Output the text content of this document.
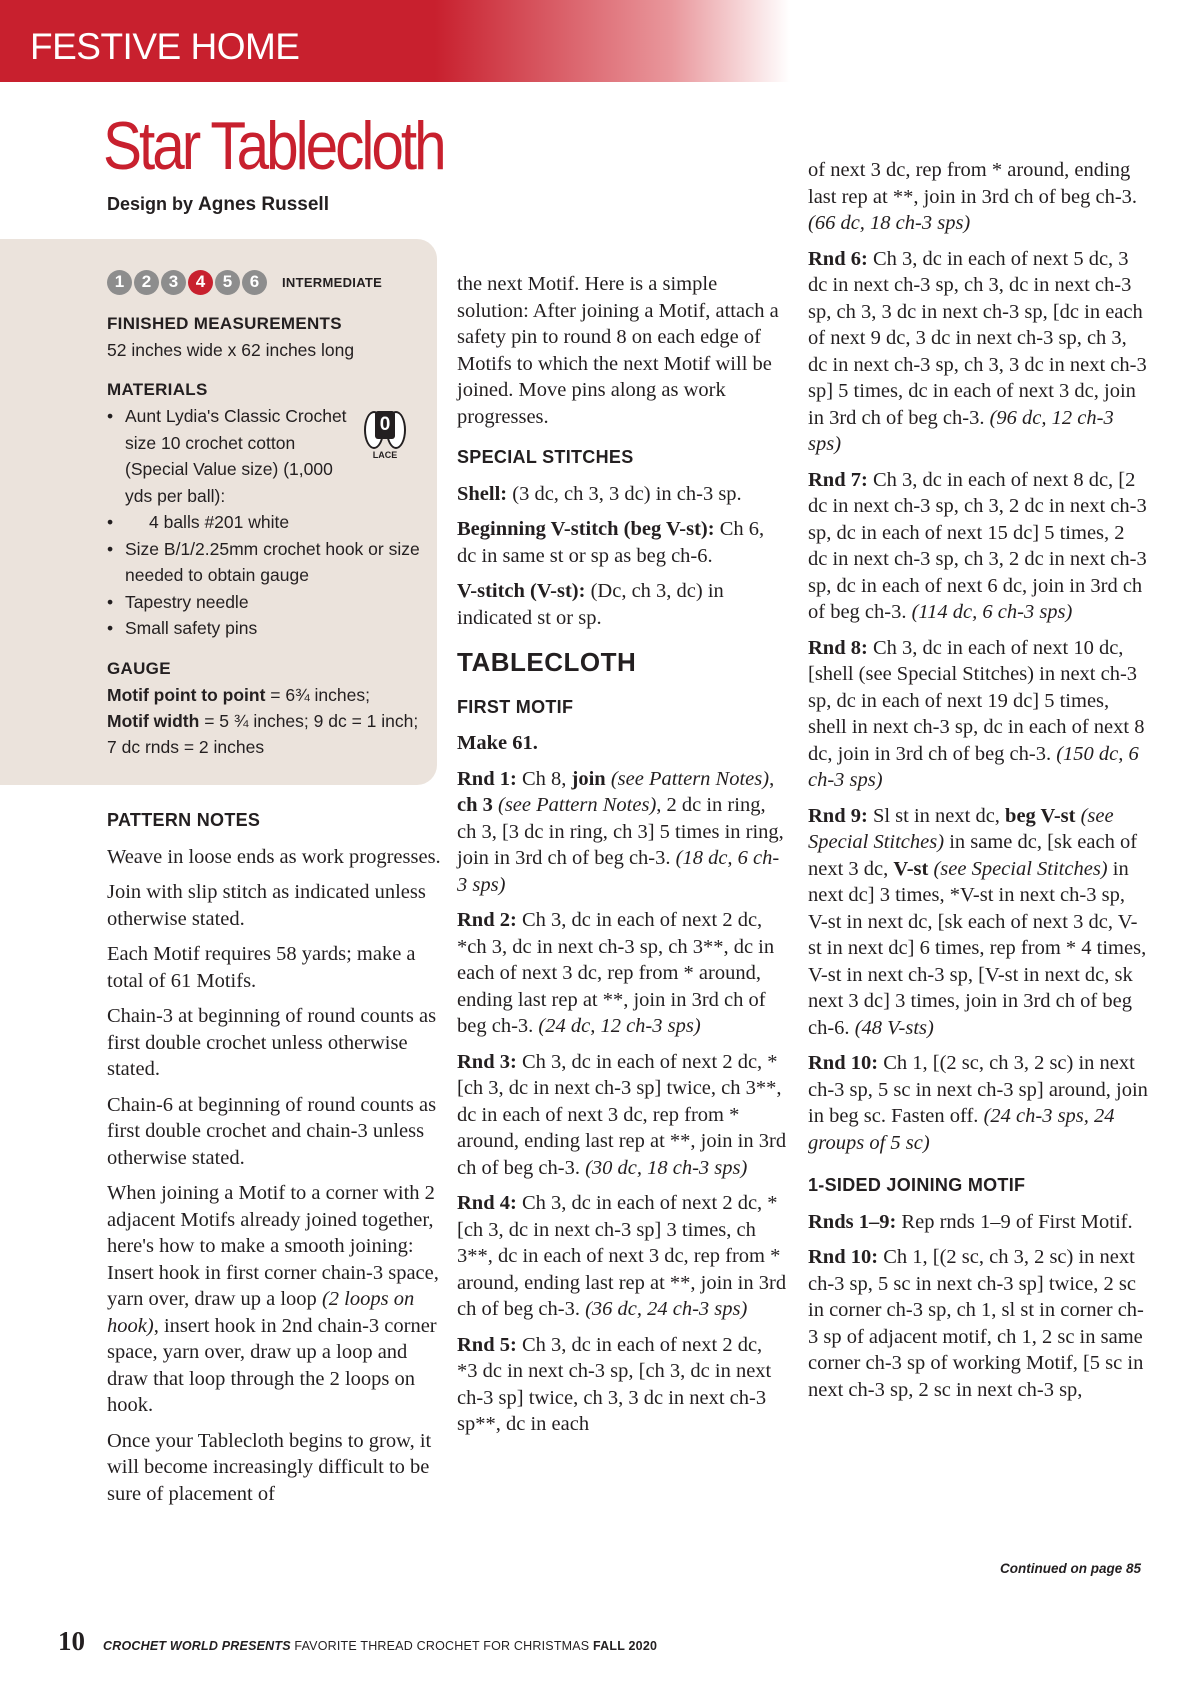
FESTIVE HOME
Star Tablecloth
Design by Agnes Russell
1	2	3	4	5	6	INTERMEDIATE
FINISHED MEASUREMENTS
52 inches wide x 62 inches long
MATERIALS
• Aunt Lydia's Classic Crochet size 10 crochet cotton (Special Value size) (1,000 yds per ball):
• 4 balls #201 white
• Size B/1/2.25mm crochet hook or size needed to obtain gauge
• Tapestry needle
• Small safety pins
0
LACE
GAUGE
Motif point to point = 6¾ inches;
Motif width = 5 ¾ inches; 9 dc = 1 inch; 7 dc rnds = 2 inches
PATTERN NOTES

Weave in loose ends as work progresses.

Join with slip stitch as indicated unless otherwise stated.

Each Motif requires 58 yards; make a total of 61 Motifs.

Chain-3 at beginning of round counts as first double crochet unless otherwise stated.

Chain-6 at beginning of round counts as first double crochet and chain-3 unless otherwise stated.

When joining a Motif to a corner with 2 adjacent Motifs already joined together, here's how to make a smooth joining: Insert hook in first corner chain-3 space, yarn over, draw up a loop (2 loops on hook), insert hook in 2nd chain-3 corner space, yarn over, draw up a loop and draw that loop through the 2 loops on hook.

Once your Tablecloth begins to grow, it will become increasingly difficult to be sure of placement of

the next Motif. Here is a simple solution: After joining a Motif, attach a safety pin to round 8 on each edge of Motifs to which the next Motif will be joined. Move pins along as work progresses.

SPECIAL STITCHES

Shell: (3 dc, ch 3, 3 dc) in ch-3 sp.

Beginning V-stitch (beg V-st): Ch 6, dc in same st or sp as beg ch-6.

V-stitch (V-st): (Dc, ch 3, dc) in indicated st or sp.

TABLECLOTH
FIRST MOTIF

Make 61.

Rnd 1: Ch 8, join (see Pattern Notes), ch 3 (see Pattern Notes), 2 dc in ring, ch 3, [3 dc in ring, ch 3] 5 times in ring, join in 3rd ch of beg ch-3. (18 dc, 6 ch-3 sps)

Rnd 2: Ch 3, dc in each of next 2 dc, *ch 3, dc in next ch-3 sp, ch 3**, dc in each of next 3 dc, rep from * around, ending last rep at **, join in 3rd ch of beg ch-3. (24 dc, 12 ch-3 sps)

Rnd 3: Ch 3, dc in each of next 2 dc, *[ch 3, dc in next ch-3 sp] twice, ch 3**, dc in each of next 3 dc, rep from * around, ending last rep at **, join in 3rd ch of beg ch-3. (30 dc, 18 ch-3 sps)

Rnd 4: Ch 3, dc in each of next 2 dc, *[ch 3, dc in next ch-3 sp] 3 times, ch 3**, dc in each of next 3 dc, rep from * around, ending last rep at **, join in 3rd ch of beg ch-3. (36 dc, 24 ch-3 sps)

Rnd 5: Ch 3, dc in each of next 2 dc, *3 dc in next ch-3 sp, [ch 3, dc in next ch-3 sp] twice, ch 3, 3 dc in next ch-3 sp**, dc in each

of next 3 dc, rep from * around, ending last rep at **, join in 3rd ch of beg ch-3. (66 dc, 18 ch-3 sps)

Rnd 6: Ch 3, dc in each of next 5 dc, 3 dc in next ch-3 sp, ch 3, dc in next ch-3 sp, ch 3, 3 dc in next ch-3 sp, [dc in each of next 9 dc, 3 dc in next ch-3 sp, ch 3, dc in next ch-3 sp, ch 3, 3 dc in next ch-3 sp] 5 times, dc in each of next 3 dc, join in 3rd ch of beg ch-3. (96 dc, 12 ch-3 sps)

Rnd 7: Ch 3, dc in each of next 8 dc, [2 dc in next ch-3 sp, ch 3, 2 dc in next ch-3 sp, dc in each of next 15 dc] 5 times, 2 dc in next ch-3 sp, ch 3, 2 dc in next ch-3 sp, dc in each of next 6 dc, join in 3rd ch of beg ch-3. (114 dc, 6 ch-3 sps)

Rnd 8: Ch 3, dc in each of next 10 dc, [shell (see Special Stitches) in next ch-3 sp, dc in each of next 19 dc] 5 times, shell in next ch-3 sp, dc in each of next 8 dc, join in 3rd ch of beg ch-3. (150 dc, 6 ch-3 sps)

Rnd 9: Sl st in next dc, beg V-st (see Special Stitches) in same dc, [sk each of next 3 dc, V-st (see Special Stitches) in next dc] 3 times, *V-st in next ch-3 sp, V-st in next dc, [sk each of next 3 dc, V-st in next dc] 6 times, rep from * 4 times, V-st in next ch-3 sp, [V-st in next dc, sk next 3 dc] 3 times, join in 3rd ch of beg ch-6. (48 V-sts)

Rnd 10: Ch 1, [(2 sc, ch 3, 2 sc) in next ch-3 sp, 5 sc in next ch-3 sp] around, join in beg sc. Fasten off. (24 ch-3 sps, 24 groups of 5 sc)

1-SIDED JOINING MOTIF

Rnds 1–9: Rep rnds 1–9 of First Motif.

Rnd 10: Ch 1, [(2 sc, ch 3, 2 sc) in next ch-3 sp, 5 sc in next ch-3 sp] twice, 2 sc in corner ch-3 sp, ch 1, sl st in corner ch-3 sp of adjacent motif, ch 1, 2 sc in same corner ch-3 sp of working Motif, [5 sc in next ch-3 sp, 2 sc in next ch-3 sp,

Continued on page 85
10 CROCHET WORLD PRESENTS FAVORITE THREAD CROCHET FOR CHRISTMAS FALL 2020
